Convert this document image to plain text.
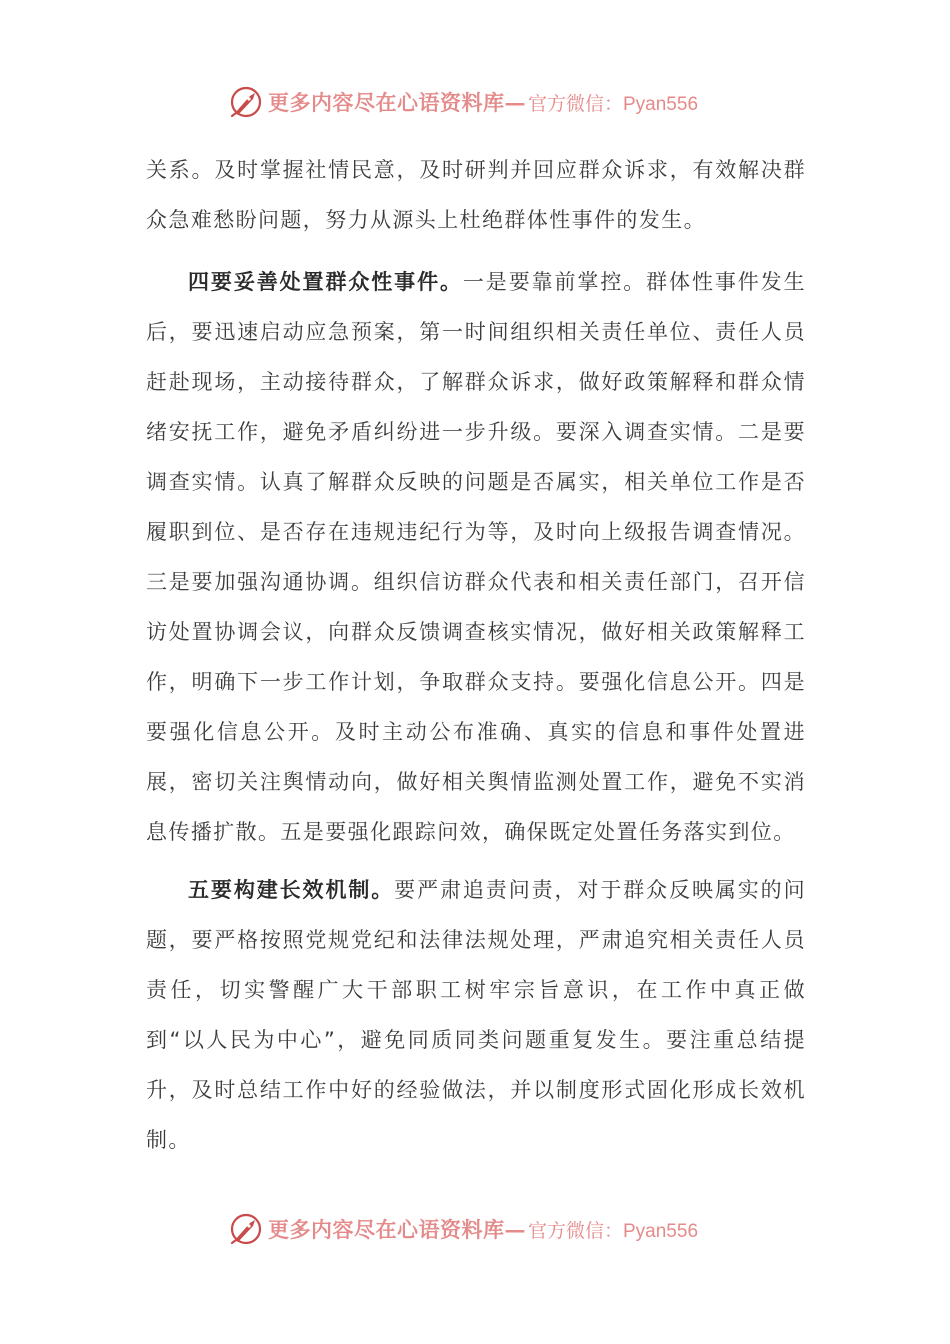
更多内容尽在心语资料库— 官方微信：Pyan556

关系。及时掌握社情民意，及时研判并回应群众诉求，有效解决群众急难愁盼问题，努力从源头上杜绝群体性事件的发生。

四要妥善处置群众性事件。一是要靠前掌控。群体性事件发生后，要迅速启动应急预案，第一时间组织相关责任单位、责任人员赶赴现场，主动接待群众，了解群众诉求，做好政策解释和群众情绪安抚工作，避免矛盾纠纷进一步升级。要深入调查实情。二是要调查实情。认真了解群众反映的问题是否属实，相关单位工作是否履职到位、是否存在违规违纪行为等，及时向上级报告调查情况。三是要加强沟通协调。组织信访群众代表和相关责任部门，召开信访处置协调会议，向群众反馈调查核实情况，做好相关政策解释工作，明确下一步工作计划，争取群众支持。要强化信息公开。四是要强化信息公开。及时主动公布准确、真实的信息和事件处置进展，密切关注舆情动向，做好相关舆情监测处置工作，避免不实消息传播扩散。五是要强化跟踪问效，确保既定处置任务落实到位。

五要构建长效机制。要严肃追责问责，对于群众反映属实的问题，要严格按照党规党纪和法律法规处理，严肃追究相关责任人员责任，切实警醒广大干部职工树牢宗旨意识，在工作中真正做到“以人民为中心”，避免同质同类问题重复发生。要注重总结提升，及时总结工作中好的经验做法，并以制度形式固化形成长效机制。

更多内容尽在心语资料库— 官方微信：Pyan556
